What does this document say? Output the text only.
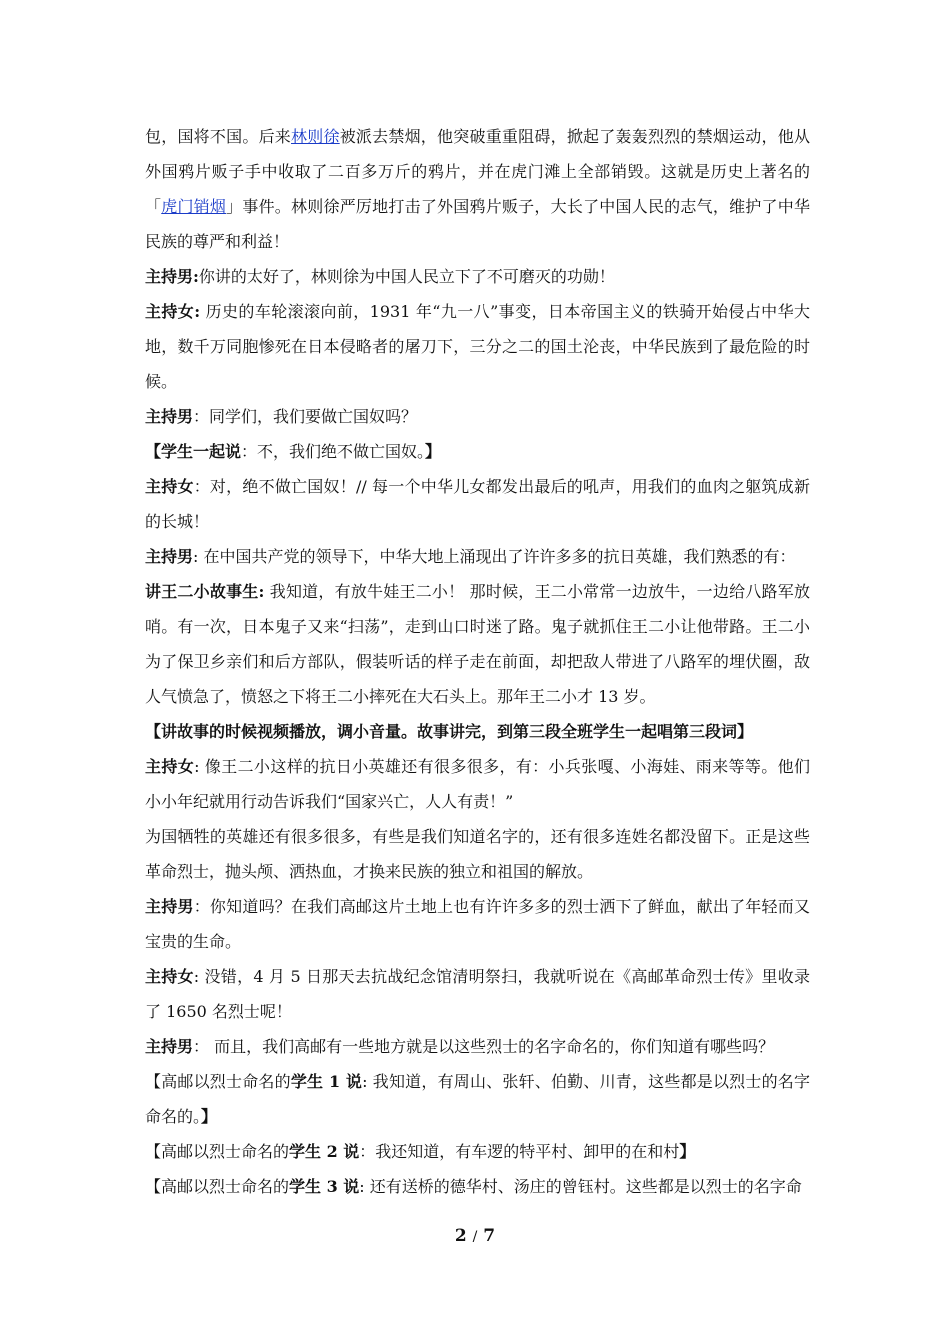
包，国将不国。后来林则徐被派去禁烟，他突破重重阻碍，掀起了轰轰烈烈的禁烟运动，他从外国鸦片贩子手中收取了二百多万斤的鸦片，并在虎门滩上全部销毁。这就是历史上著名的「虎门销烟」事件。林则徐严厉地打击了外国鸦片贩子，大长了中国人民的志气，维护了中华民族的尊严和利益！

主持男:你讲的太好了，林则徐为中国人民立下了不可磨灭的功勋！

主持女: 历史的车轮滚滚向前，1931 年“九一八”事变，日本帝国主义的铁骑开始侵占中华大地，数千万同胞惨死在日本侵略者的屠刀下，三分之二的国土沦丧，中华民族到了最危险的时候。

主持男：同学们，我们要做亡国奴吗？

【学生一起说：不，我们绝不做亡国奴。】

主持女：对，绝不做亡国奴！// 每一个中华儿女都发出最后的吼声，用我们的血肉之躯筑成新的长城！

主持男: 在中国共产党的领导下，中华大地上涌现出了许许多多的抗日英雄，我们熟悉的有：

讲王二小故事生: 我知道，有放牛娃王二小！ 那时候，王二小常常一边放牛，一边给八路军放哨。有一次，日本鬼子又来“扫荡”，走到山口时迷了路。鬼子就抓住王二小让他带路。王二小为了保卫乡亲们和后方部队，假装听话的样子走在前面，却把敌人带进了八路军的埋伏圈，敌人气愤急了，愤怒之下将王二小摔死在大石头上。那年王二小才 13 岁。

【讲故事的时候视频播放，调小音量。故事讲完，到第三段全班学生一起唱第三段词】

主持女: 像王二小这样的抗日小英雄还有很多很多，有：小兵张嘎、小海娃、雨来等等。他们小小年纪就用行动告诉我们“国家兴亡，人人有责！”

为国牺牲的英雄还有很多很多，有些是我们知道名字的，还有很多连姓名都没留下。正是这些革命烈士，抛头颅、洒热血，才换来民族的独立和祖国的解放。

主持男：你知道吗？在我们高邮这片土地上也有许许多多的烈士洒下了鲜血，献出了年轻而又宝贵的生命。

主持女: 没错，4 月 5 日那天去抗战纪念馆清明祭扫，我就听说在《高邮革命烈士传》里收录了 1650 名烈士呢！

主持男： 而且，我们高邮有一些地方就是以这些烈士的名字命名的，你们知道有哪些吗？

【高邮以烈士命名的学生 1 说: 我知道，有周山、张轩、伯勤、川青，这些都是以烈士的名字命名的。】

【高邮以烈士命名的学生 2 说：我还知道，有车逻的特平村、卸甲的在和村】

【高邮以烈士命名的学生 3 说: 还有送桥的德华村、汤庄的曾钰村。这些都是以烈士的名字命

2 / 7
